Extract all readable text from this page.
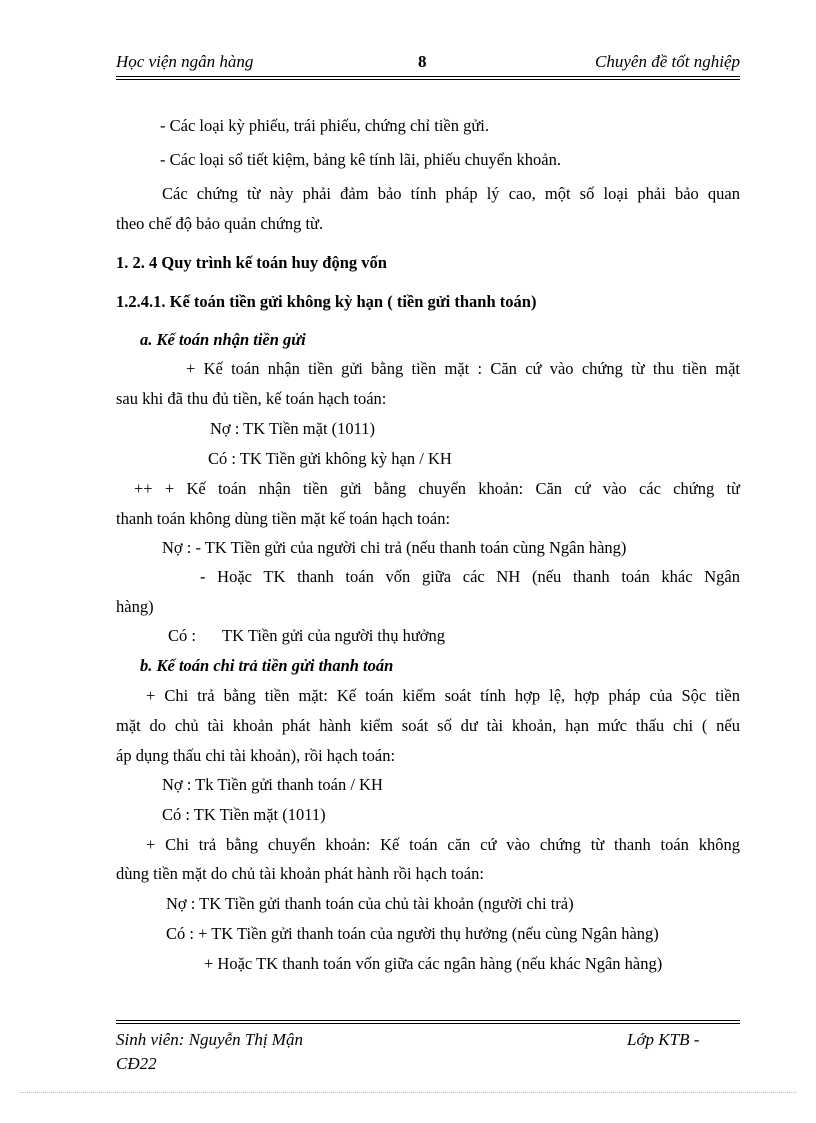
Học viện ngân hàng	8	Chuyên đề tốt nghiệp
- Các loại kỳ phiếu, trái phiếu, chứng chỉ tiền gửi.
- Các loại sổ tiết kiệm, bảng kê tính lãi, phiếu chuyển khoản.
Các chứng từ này phải đảm bảo tính pháp lý cao, một số loại phải bảo quan
theo chế độ bảo quản chứng từ.
1. 2. 4 Quy trình kế toán huy động vốn
1.2.4.1. Kế toán tiền gửi không kỳ hạn ( tiền gửi thanh toán)
a. Kế toán nhận tiền gửi
+ Kế toán nhận tiền gửi bằng tiền mặt : Căn cứ vào chứng từ thu tiền mặt
sau khi đã thu đủ tiền, kế toán hạch toán:
Nợ : TK Tiền mặt (1011)
Có : TK Tiền gửi không kỳ hạn / KH
++ + Kế toán nhận tiền gửi bằng chuyển khoản: Căn cứ vào các chứng từ
thanh toán không dùng tiền mặt kế toán hạch toán:
Nợ : - TK Tiền gửi của người chi trả (nếu thanh toán cùng Ngân hàng)
- Hoặc TK thanh toán vốn giữa các NH (nếu thanh toán khác Ngân
hàng)
Có : TK Tiền gửi của người thụ hưởng
b. Kế toán chi trả tiền gửi thanh toán
+ Chi trả bằng tiền mặt: Kế toán kiểm soát tính hợp lệ, hợp pháp của Sộc tiền
mặt do chủ tài khoản phát hành kiểm soát số dư tài khoản, hạn mức thấu chi ( nếu
áp dụng thấu chi tài khoản), rồi hạch toán:
Nợ : Tk Tiền gửi thanh toán / KH
Có : TK Tiền mặt (1011)
+ Chi trả bằng chuyển khoản: Kế toán căn cứ vào chứng từ thanh toán không
dùng tiền mặt do chủ tài khoản phát hành rồi hạch toán:
Nợ : TK Tiền gửi thanh toán của chủ tài khoản (người chi trả)
Có : + TK Tiền gửi thanh toán của người thụ hưởng (nếu cùng Ngân hàng)
+ Hoặc TK thanh toán vốn giữa các ngân hàng (nếu khác Ngân hàng)
Sinh viên: Nguyễn Thị Mận	Lớp KTB -
CĐ22
